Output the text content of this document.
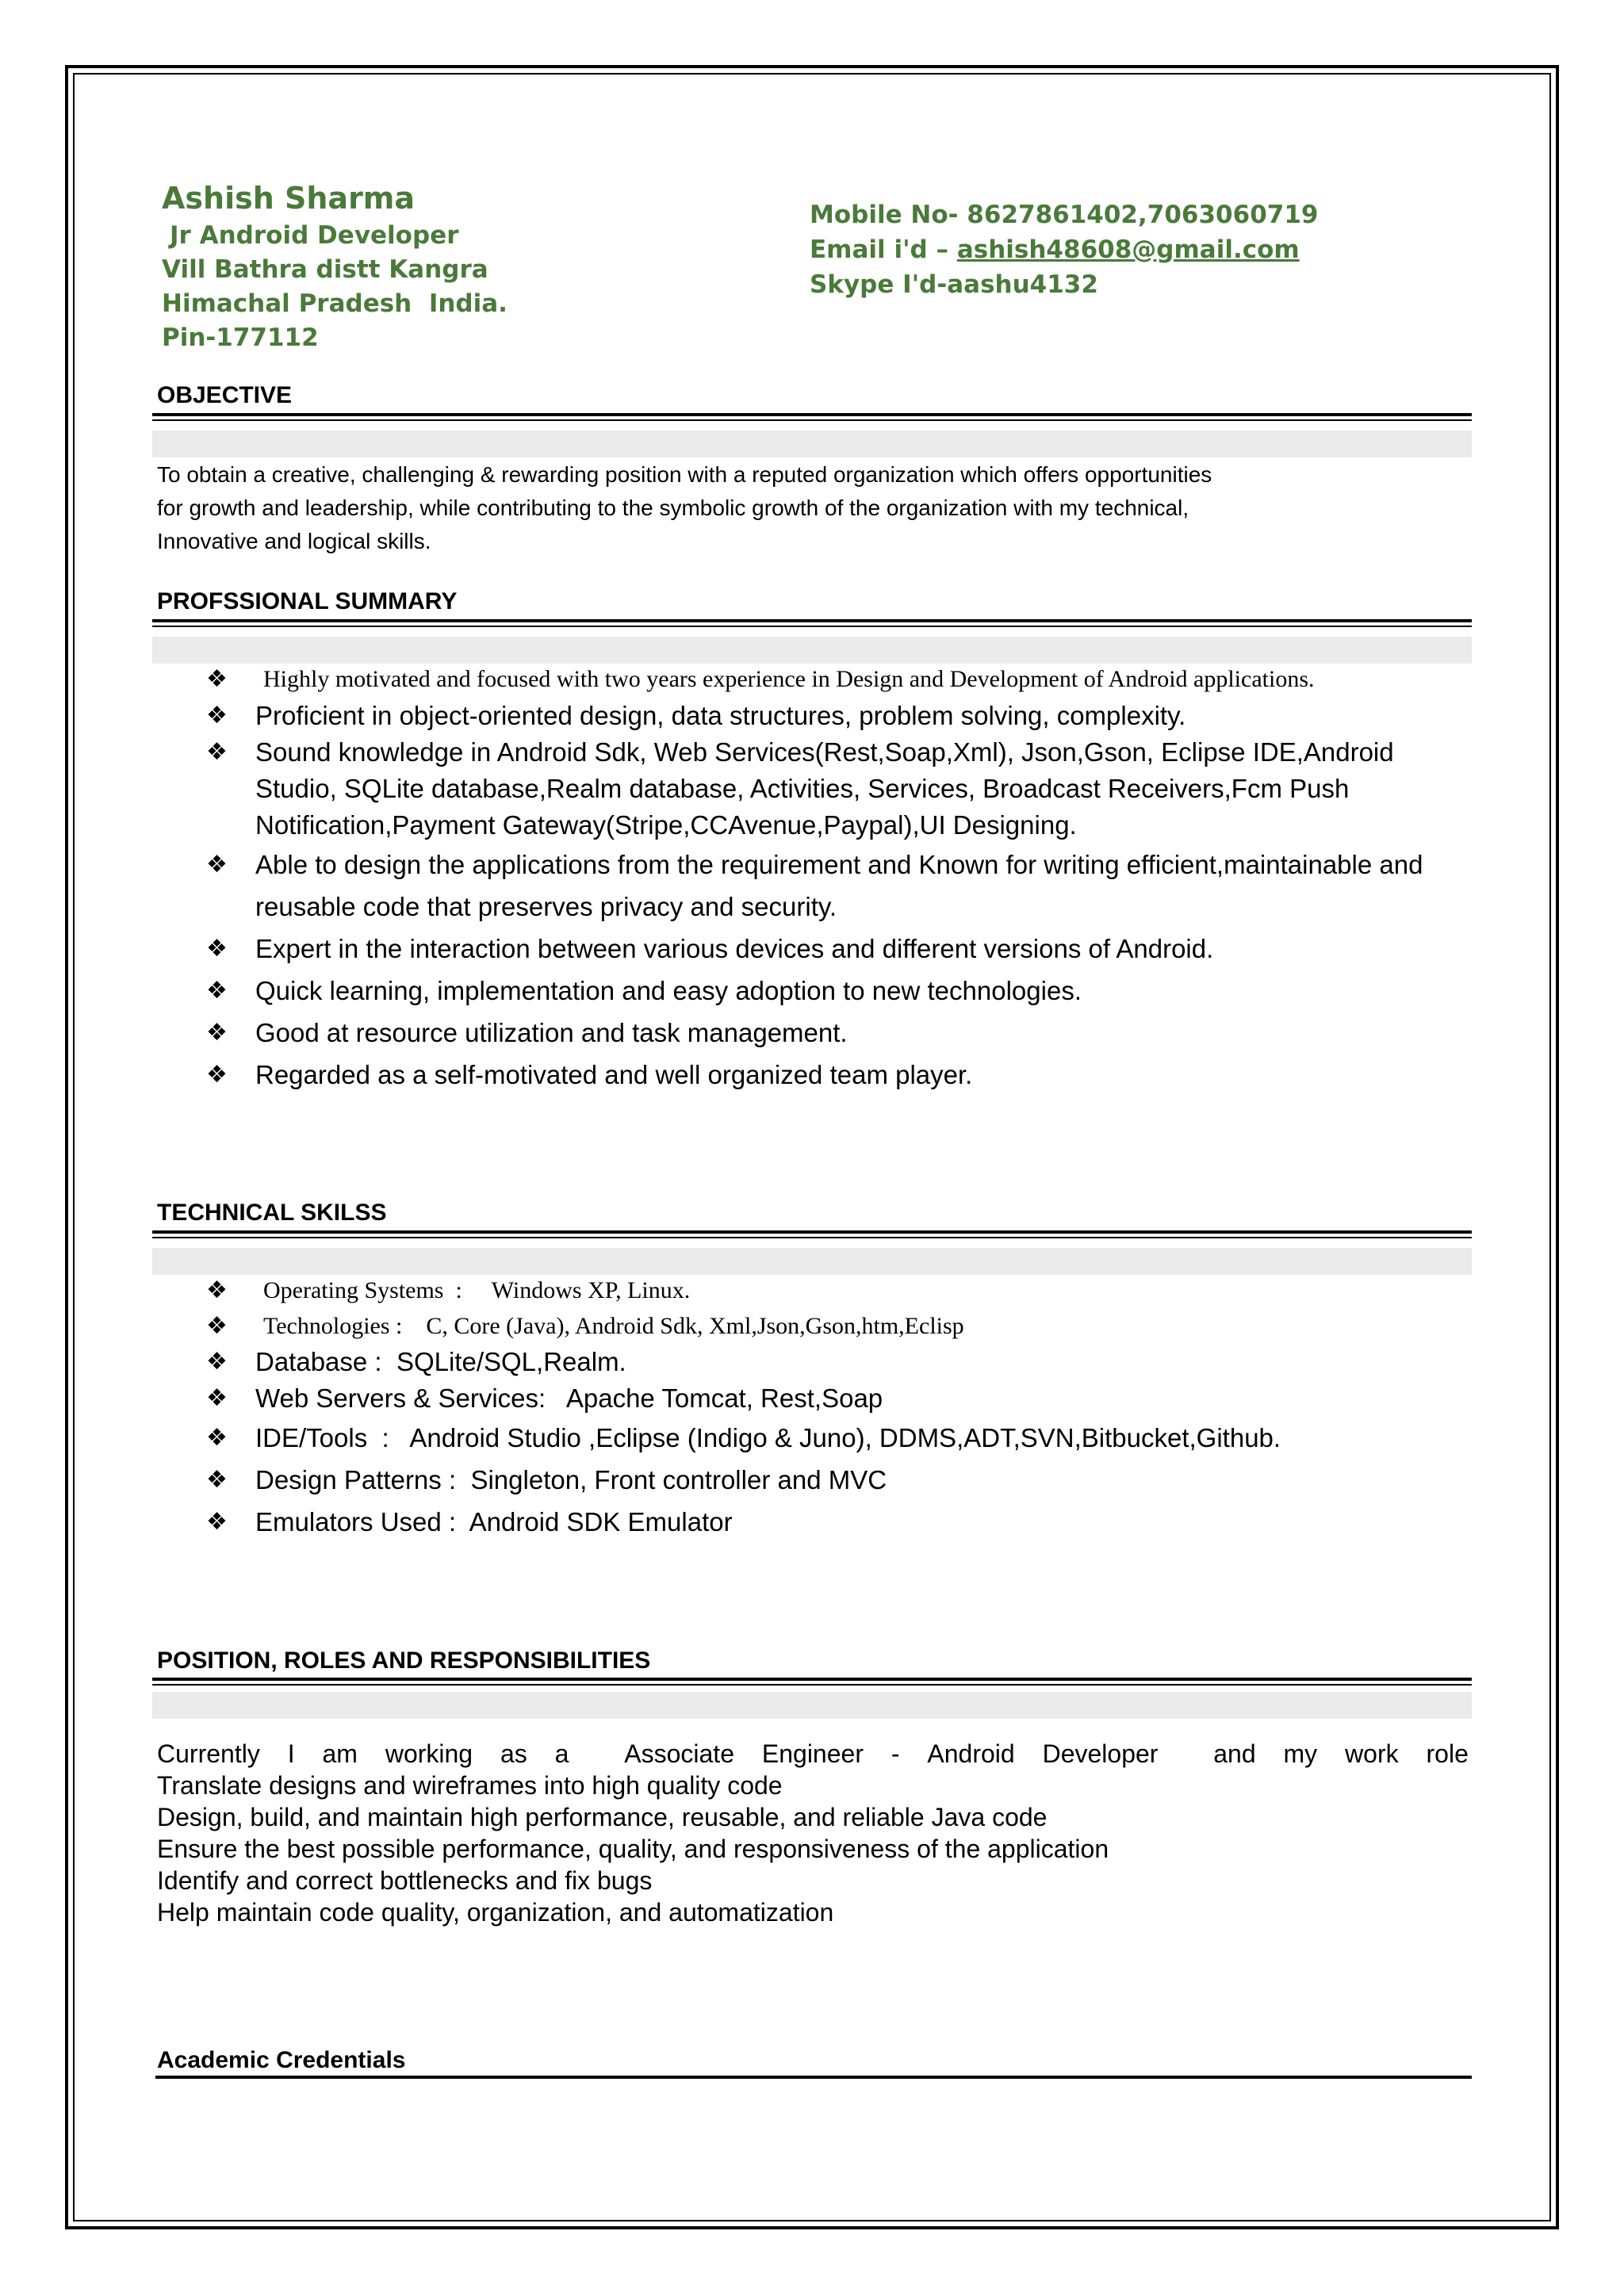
Ashish Sharma
Jr Android Developer
Vill Bathra distt Kangra
Himachal Pradesh  India.
Pin-177112
Mobile No- 8627861402,7063060719
Email i'd – ashish48608@gmail.com
Skype I'd-aashu4132
OBJECTIVE
To obtain a creative, challenging & rewarding position with a reputed organization which offers opportunities
for growth and leadership, while contributing to the symbolic growth of the organization with my technical,
Innovative and logical skills.
PROFSSIONAL SUMMARY
❖ Highly motivated and focused with two years experience in Design and Development of Android applications.
❖ Proficient in object-oriented design, data structures, problem solving, complexity.
❖ Sound knowledge in Android Sdk, Web Services(Rest,Soap,Xml), Json,Gson, Eclipse IDE,Android Studio, SQLite database,Realm database, Activities, Services, Broadcast Receivers,Fcm Push Notification,Payment Gateway(Stripe,CCAvenue,Paypal),UI Designing.
❖ Able to design the applications from the requirement and Known for writing efficient,maintainable and reusable code that preserves privacy and security.
❖ Expert in the interaction between various devices and different versions of Android.
❖ Quick learning, implementation and easy adoption to new technologies.
❖ Good at resource utilization and task management.
❖ Regarded as a self-motivated and well organized team player.
TECHNICAL SKILSS
❖ Operating Systems  :     Windows XP, Linux.
❖ Technologies :    C, Core (Java), Android Sdk, Xml,Json,Gson,htm,Eclisp
❖ Database :  SQLite/SQL,Realm.
❖ Web Servers & Services:   Apache Tomcat, Rest,Soap
❖ IDE/Tools  :   Android Studio ,Eclipse (Indigo & Juno), DDMS,ADT,SVN,Bitbucket,Github.
❖ Design Patterns :  Singleton, Front controller and MVC
❖ Emulators Used :  Android SDK Emulator
POSITION, ROLES AND RESPONSIBILITIES
Currently I am working as a Associate Engineer - Android Developer and my work role
Translate designs and wireframes into high quality code
Design, build, and maintain high performance, reusable, and reliable Java code
Ensure the best possible performance, quality, and responsiveness of the application
Identify and correct bottlenecks and fix bugs
Help maintain code quality, organization, and automatization
Academic Credentials
